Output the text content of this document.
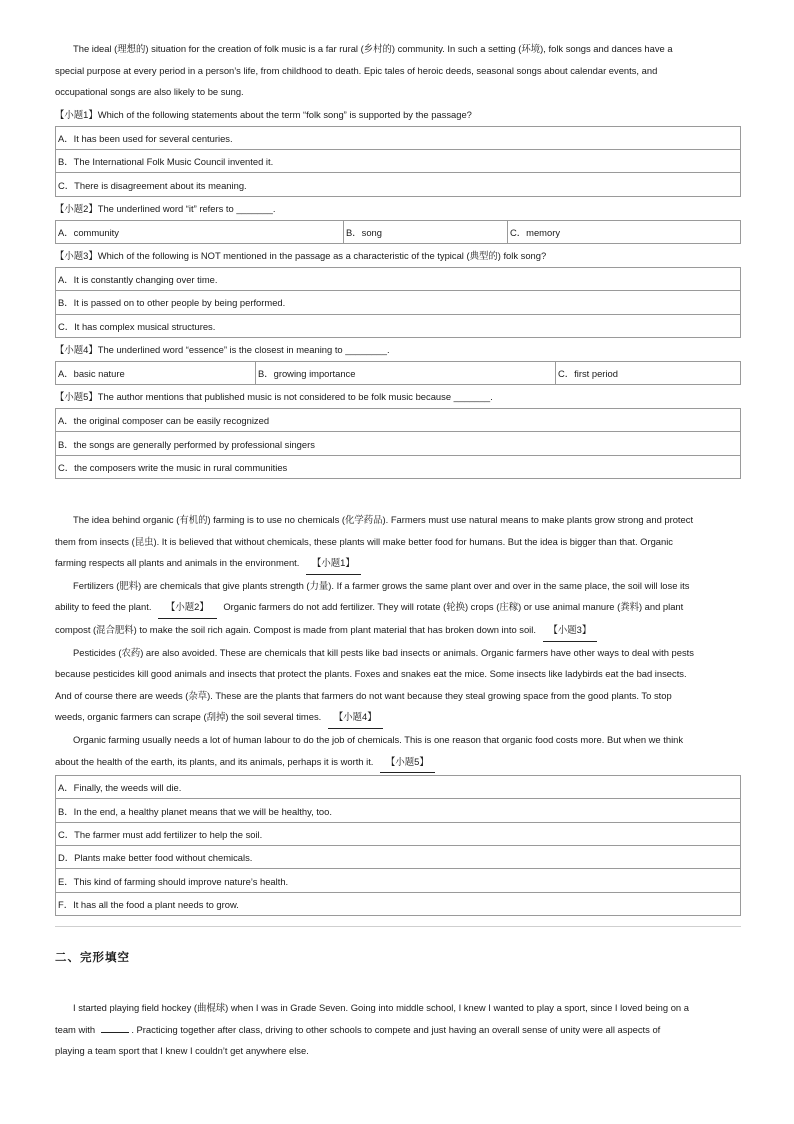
The ideal (理想的) situation for the creation of folk music is a far rural (乡村的) community. In such a setting (环境), folk songs and dances have a

special purpose at every period in a person’s life, from childhood to death. Epic tales of heroic deeds, seasonal songs about calendar events, and

occupational songs are also likely to be sung.

【小题1】Which of the following statements about the term “folk song” is supported by the passage?

A．It has been used for several centuries.
B．The International Folk Music Council invented it.
C．There is disagreement about its meaning.

【小题2】The underlined word “it” refers to _______.

A．community	B．song	C．memory

【小题3】Which of the following is NOT mentioned in the passage as a characteristic of the typical (典型的) folk song?

A．It is constantly changing over time.
B．It is passed on to other people by being performed.
C．It has complex musical structures.

【小题4】The underlined word “essence” is the closest in meaning to ________.

A．basic nature	B．growing importance	C．first period

【小题5】The author mentions that published music is not considered to be folk music because _______.

A．the original composer can be easily recognized
B．the songs are generally performed by professional singers
C．the composers write the music in rural communities

The idea behind organic (有机的) farming is to use no chemicals (化学药品). Farmers must use natural means to make plants grow strong and protect

them from insects (昆虫). It is believed that without chemicals, these plants will make better food for humans. But the idea is bigger than that. Organic

farming respects all plants and animals in the environment. 【小题1】

Fertilizers (肥料) are chemicals that give plants strength (力量). If a farmer grows the same plant over and over in the same place, the soil will lose its

ability to feed the plant. 【小题2】 Organic farmers do not add fertilizer. They will rotate (轮换) crops (庄稼) or use animal manure (粪料) and plant

compost (混合肥料) to make the soil rich again. Compost is made from plant material that has broken down into soil. 【小题3】

Pesticides (农药) are also avoided. These are chemicals that kill pests like bad insects or animals. Organic farmers have other ways to deal with pests

because pesticides kill good animals and insects that protect the plants. Foxes and snakes eat the mice. Some insects like ladybirds eat the bad insects.

And of course there are weeds (杂草). These are the plants that farmers do not want because they steal growing space from the good plants. To stop

weeds, organic farmers can scrape (刮掉) the soil several times. 【小题4】

Organic farming usually needs a lot of human labour to do the job of chemicals. This is one reason that organic food costs more. But when we think

about the health of the earth, its plants, and its animals, perhaps it is worth it. 【小题5】

A．Finally, the weeds will die.
B．In the end, a healthy planet means that we will be healthy, too.
C．The farmer must add fertilizer to help the soil.
D．Plants make better food without chemicals.
E．This kind of farming should improve nature’s health.
F．It has all the food a plant needs to grow.
二、完形填空

I started playing field hockey (曲棍球) when I was in Grade Seven. Going into middle school, I knew I wanted to play a sport, since I loved being on a

team with	. Practicing together after class, driving to other schools to compete and just having an overall sense of unity were all aspects of

playing a team sport that I knew I couldn’t get anywhere else.
